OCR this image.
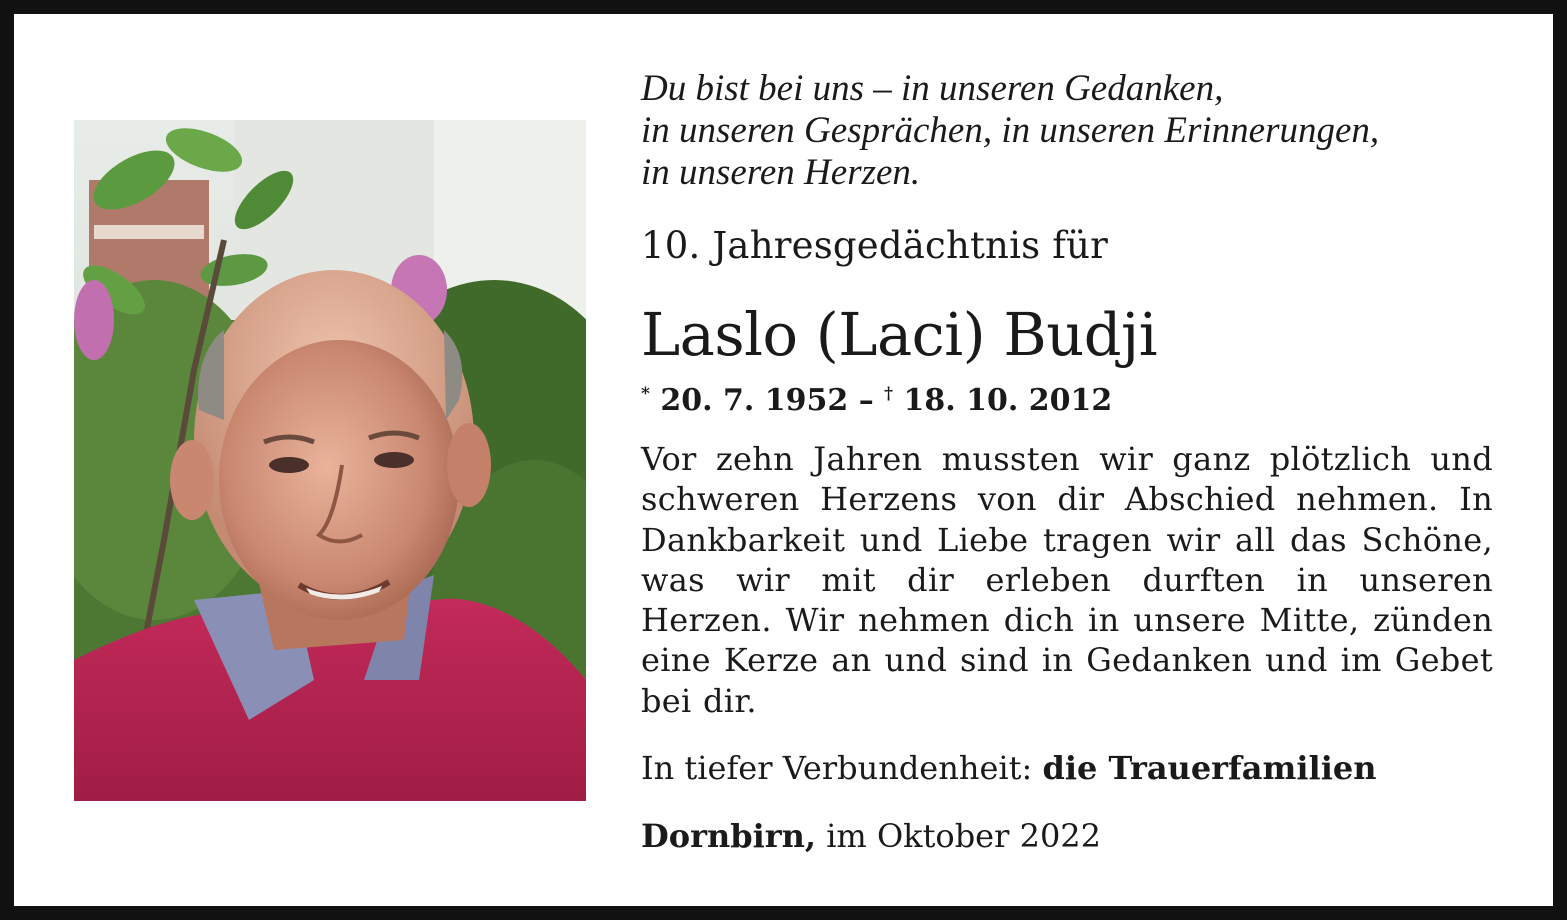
Du bist bei uns – in unseren Gedanken,
in unseren Gesprächen, in unseren Erinnerungen,
in unseren Herzen.
10. Jahresgedächtnis für
Laslo (Laci) Budji
* 20. 7. 1952 – † 18. 10. 2012

Vor zehn Jahren mussten wir ganz plötzlich und schweren Herzens von dir Abschied nehmen. In Dankbarkeit und Liebe tragen wir all das Schöne, was wir mit dir erleben durften in unseren Herzen. Wir nehmen dich in unsere Mitte, zünden eine Kerze an und sind in Gedanken und im Gebet bei dir.

In tiefer Verbundenheit: die Trauerfamilien
Dornbirn, im Oktober 2022
